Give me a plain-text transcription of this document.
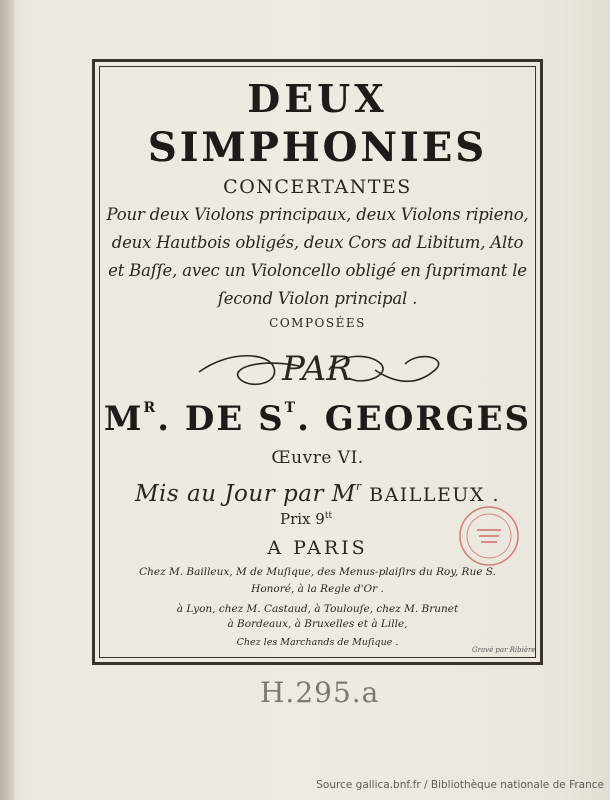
DEUX
SIMPHONIES
CONCERTANTES
Pour deux Violons principaux, deux Violons ripieno,
deux Hautbois obligés, deux Cors ad Libitum, Alto
et Baſſe, avec un Violoncello obligé en ſuprimant le
ſecond Violon principal .
COMPOSÉES
PAR
$M^R$. DE $S^T$. GEORGES
Œuvre VI.
Mis au Jour par $M^r$ BAILLEUX .
Prix $9^{tt}$
A PARIS
Chez M. Bailleux, M de Muſique, des Menus-plaiſirs du Roy, Rue S.
Honoré, à la Regle d'Or .
à Lyon, chez M. Castaud, à Toulouſe, chez M. Brunet
à Bordeaux, à Bruxelles et à Lille,
Chez les Marchands de Muſique .
Gravé par Ribière
H.295.a
Source gallica.bnf.fr / Bibliothèque nationale de France
